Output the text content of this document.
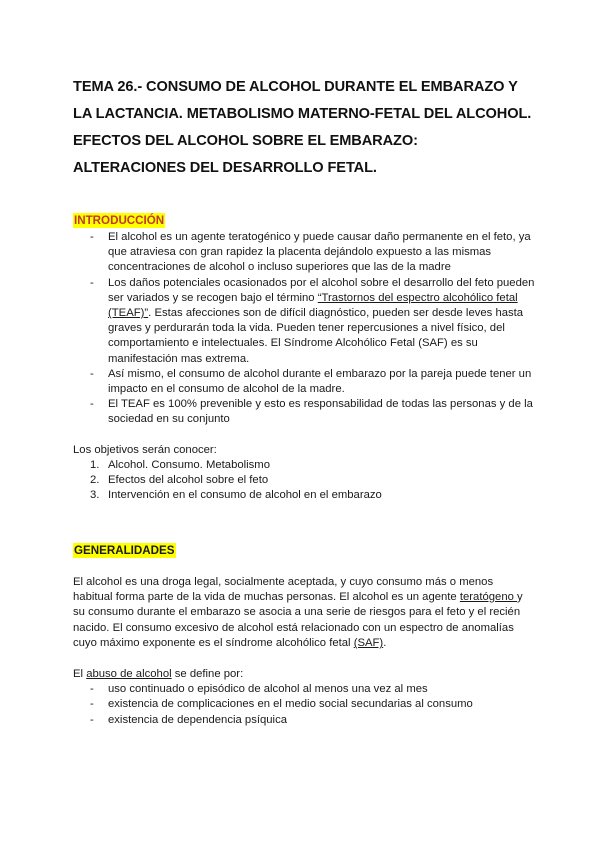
TEMA 26.- CONSUMO DE ALCOHOL DURANTE EL EMBARAZO Y LA LACTANCIA. METABOLISMO MATERNO-FETAL DEL ALCOHOL. EFECTOS DEL ALCOHOL SOBRE EL EMBARAZO: ALTERACIONES DEL DESARROLLO FETAL.
INTRODUCCIÓN
- El alcohol es un agente teratogénico y puede causar daño permanente en el feto, ya que atraviesa con gran rapidez la placenta dejándolo expuesto a las mismas concentraciones de alcohol o incluso superiores que las de la madre
- Los daños potenciales ocasionados por el alcohol sobre el desarrollo del feto pueden ser variados y se recogen bajo el término “Trastornos del espectro alcohólico fetal (TEAF)”. Estas afecciones son de difícil diagnóstico, pueden ser desde leves hasta graves y perdurarán toda la vida. Pueden tener repercusiones a nivel físico, del comportamiento e intelectuales. El Síndrome Alcohólico Fetal (SAF) es su manifestación mas extrema.
- Así mismo, el consumo de alcohol durante el embarazo por la pareja puede tener un impacto en el consumo de alcohol de la madre.
- El TEAF es 100% prevenible y esto es responsabilidad de todas las personas y de la sociedad en su conjunto

Los objetivos serán conocer:

1. Alcohol. Consumo. Metabolismo
2. Efectos del alcohol sobre el feto
3. Intervención en el consumo de alcohol en el embarazo
GENERALIDADES

El alcohol es una droga legal, socialmente aceptada, y cuyo consumo más o menos habitual forma parte de la vida de muchas personas. El alcohol es un agente teratógeno y su consumo durante el embarazo se asocia a una serie de riesgos para el feto y el recién nacido. El consumo excesivo de alcohol está relacionado con un espectro de anomalías cuyo máximo exponente es el síndrome alcohólico fetal (SAF).

El abuso de alcohol se define por:

- uso continuado o episódico de alcohol al menos una vez al mes
- existencia de complicaciones en el medio social secundarias al consumo
- existencia de dependencia psíquica
